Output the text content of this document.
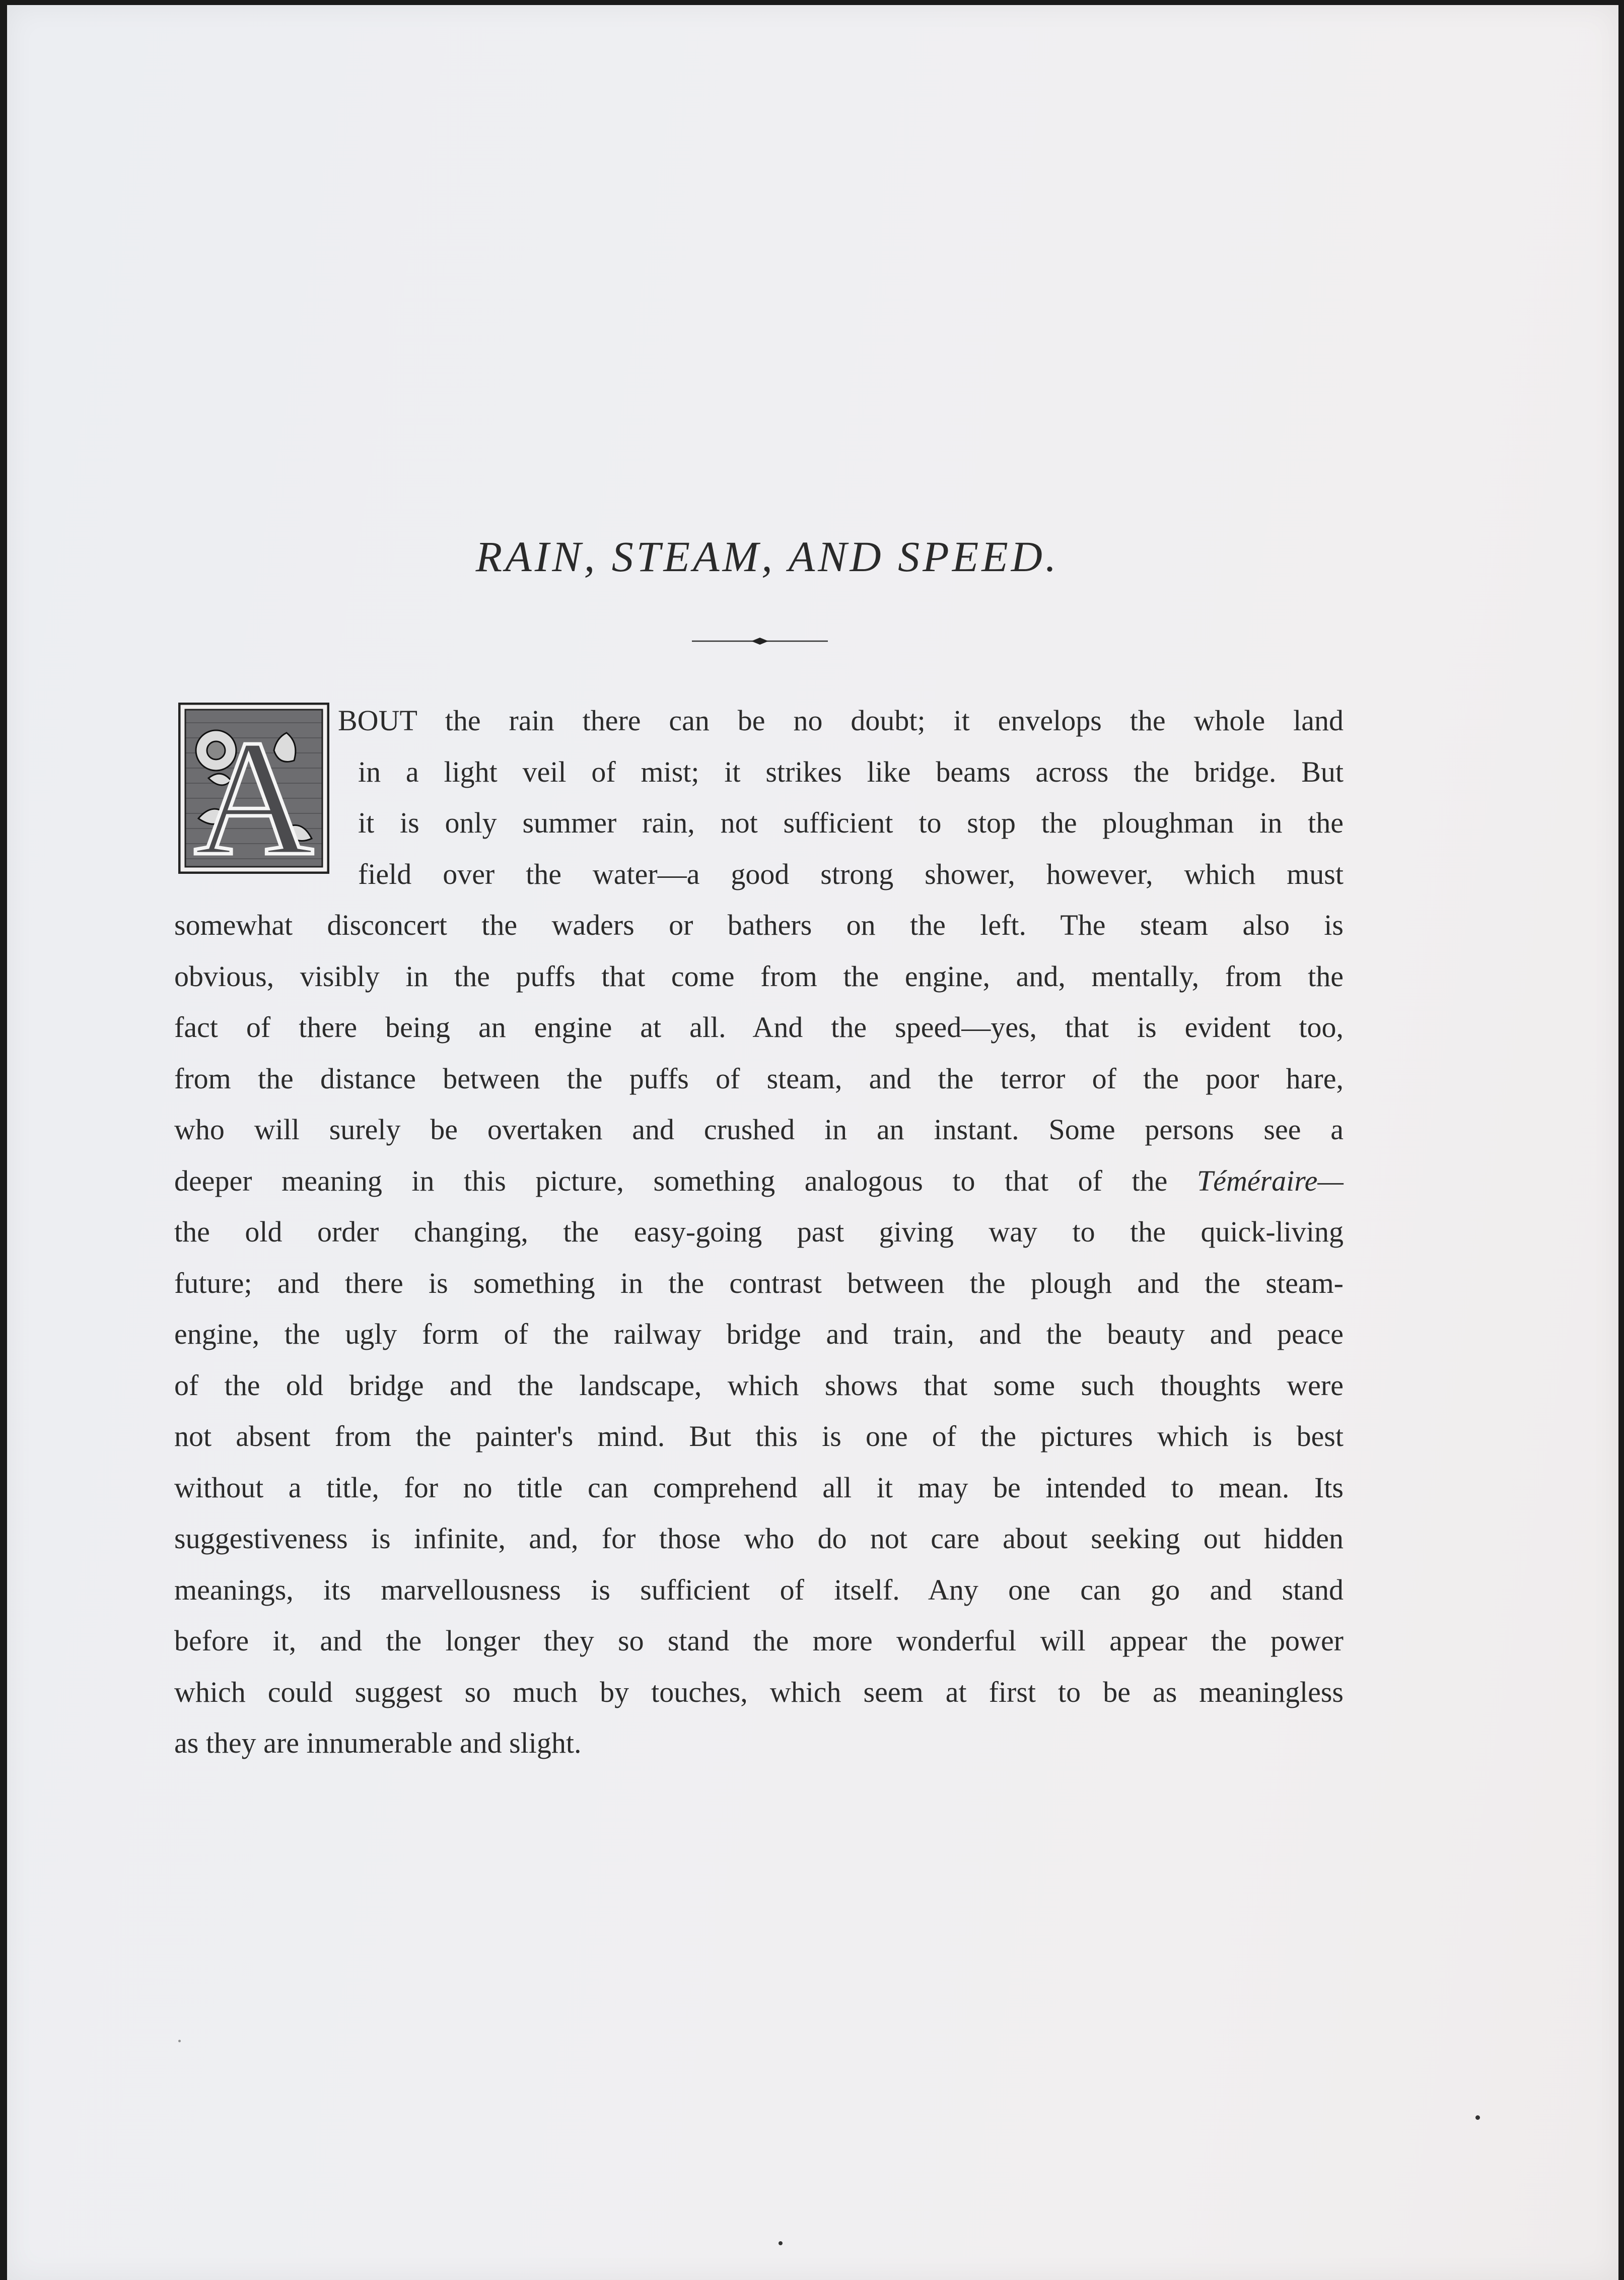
RAIN, STEAM, AND SPEED.
A BOUT the rain there can be no doubt; it envelops the whole land
in a light veil of mist; it strikes like beams across the bridge. But
it is only summer rain, not sufficient to stop the ploughman in the
field over the water—a good strong shower, however, which must
somewhat disconcert the waders or bathers on the left. The steam also is
obvious, visibly in the puffs that come from the engine, and, mentally, from the
fact of there being an engine at all. And the speed—yes, that is evident too,
from the distance between the puffs of steam, and the terror of the poor hare,
who will surely be overtaken and crushed in an instant. Some persons see a
deeper meaning in this picture, something analogous to that of the Téméraire—
the old order changing, the easy-going past giving way to the quick-living
future; and there is something in the contrast between the plough and the steam-
engine, the ugly form of the railway bridge and train, and the beauty and peace
of the old bridge and the landscape, which shows that some such thoughts were
not absent from the painter's mind. But this is one of the pictures which is best
without a title, for no title can comprehend all it may be intended to mean. Its
suggestiveness is infinite, and, for those who do not care about seeking out hidden
meanings, its marvellousness is sufficient of itself. Any one can go and stand
before it, and the longer they so stand the more wonderful will appear the power
which could suggest so much by touches, which seem at first to be as meaningless
as they are innumerable and slight.
